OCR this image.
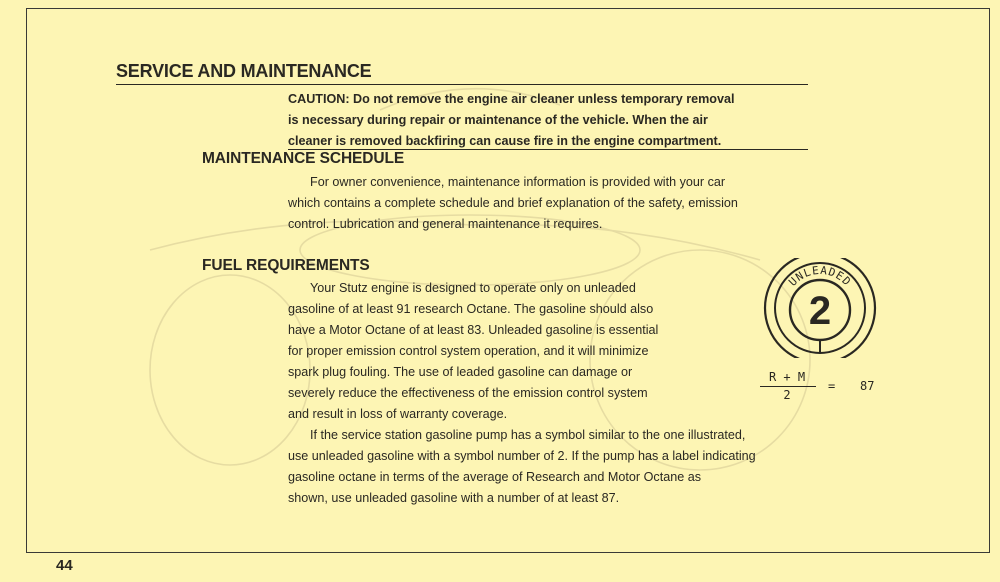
SERVICE AND MAINTENANCE
CAUTION: Do not remove the engine air cleaner unless temporary removal
is necessary during repair or maintenance of the vehicle. When the air
cleaner is removed backfiring can cause fire in the engine compartment.
MAINTENANCE SCHEDULE
For owner convenience, maintenance information is provided with your car
which contains a complete schedule and brief explanation of the safety, emission
control. Lubrication and general maintenance it requires.
FUEL REQUIREMENTS
Your Stutz engine is designed to operate only on unleaded
gasoline of at least 91 research Octane. The gasoline should also
have a Motor Octane of at least 83. Unleaded gasoline is essential
for proper emission control system operation, and it will minimize
spark plug fouling. The use of leaded gasoline can damage or
severely reduce the effectiveness of the emission control system
and result in loss of warranty coverage.
If the service station gasoline pump has a symbol similar to the one illustrated,
use unleaded gasoline with a symbol number of 2. If the pump has a label indicating
gasoline octane in terms of the average of Research and Motor Octane as
shown, use unleaded gasoline with a number of at least 87.
UNLEADED
2
R + M
2
= 87

44
